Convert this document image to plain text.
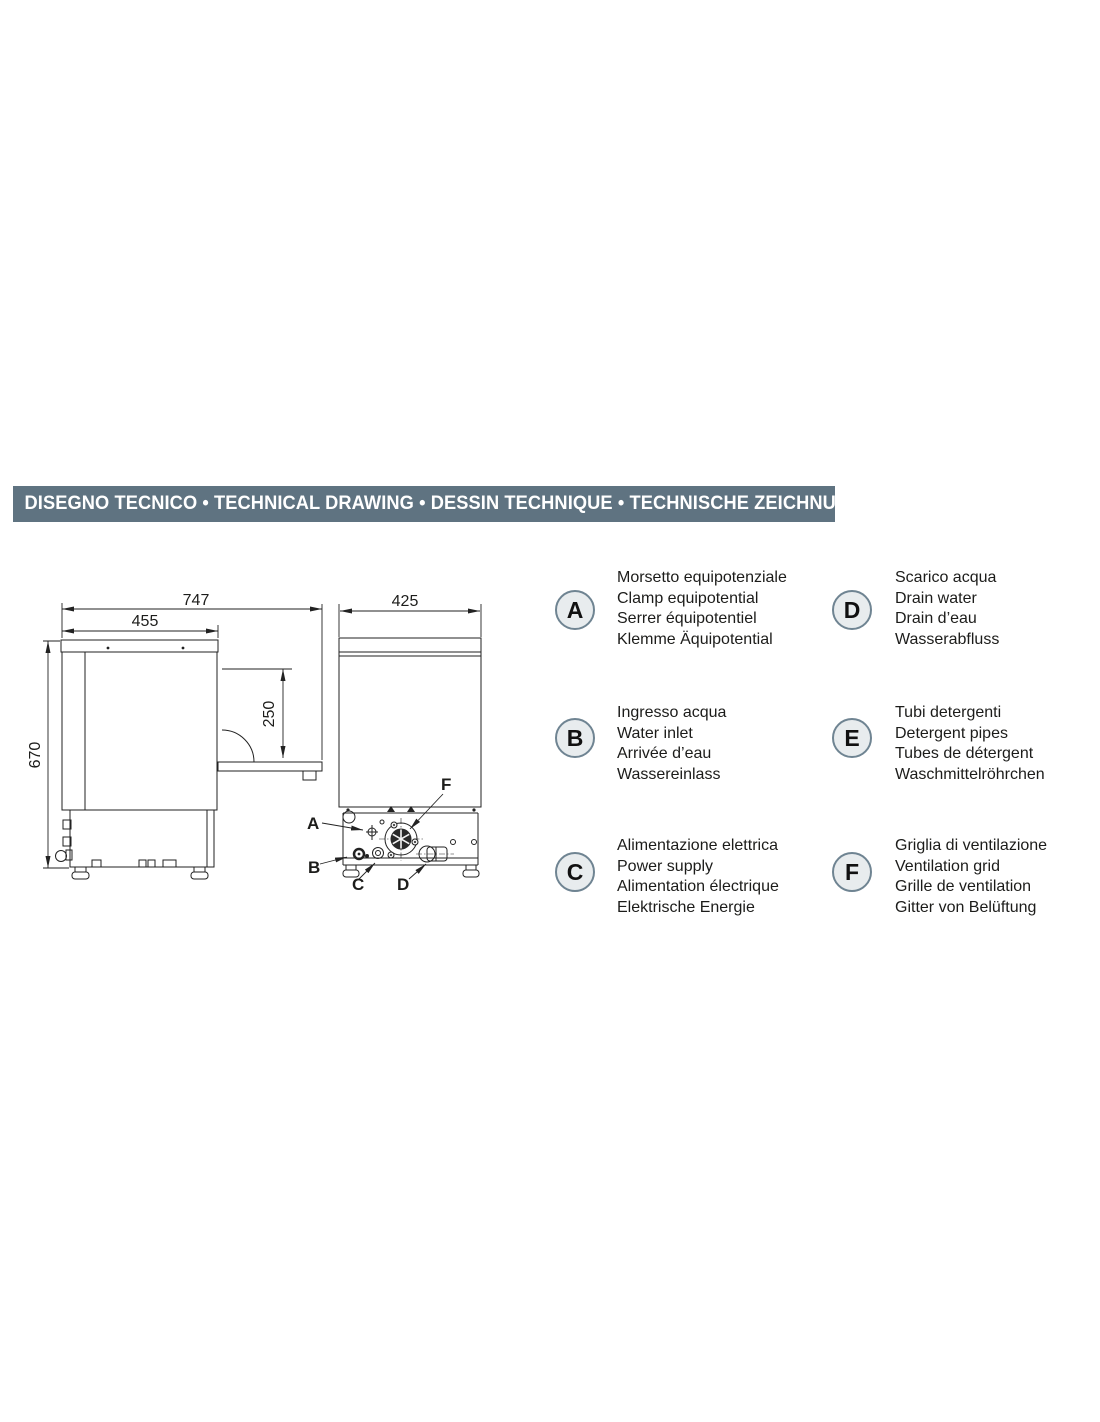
DISEGNO TECNICO • TECHNICAL DRAWING • DESSIN TECHNIQUE • TECHNISCHE ZEICHNUNG
747
455
670
250
425
A
B
C D
F
A
Morsetto equipotenziale
Clamp equipotential
Serrer équipotentiel
Klemme Äquipotential
B
Ingresso acqua
Water inlet
Arrivée d’eau
Wassereinlass
C
Alimentazione elettrica
Power supply
Alimentation électrique
Elektrische Energie
D
Scarico acqua
Drain water
Drain d’eau
Wasserabfluss
E
Tubi detergenti
Detergent pipes
Tubes de détergent
Waschmittelröhrchen
F
Griglia di ventilazione
Ventilation grid
Grille de ventilation
Gitter von Belüftung
